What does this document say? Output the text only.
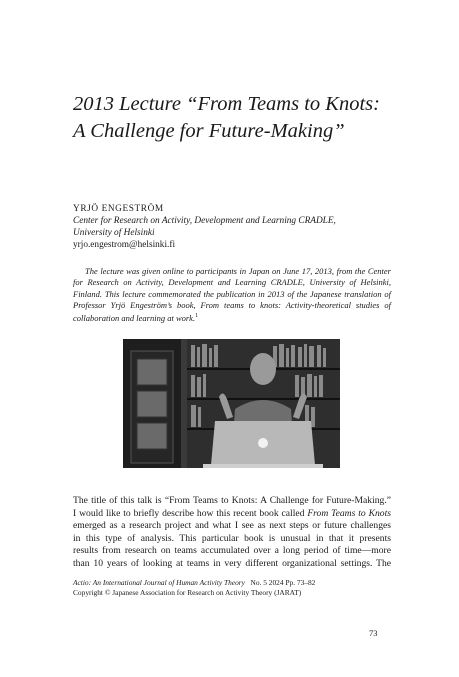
2013 Lecture “From Teams to Knots:
A Challenge for Future-Making”
YRJÖ ENGESTRÖM
Center for Research on Activity, Development and Learning CRADLE,
University of Helsinki
yrjo.engestrom@helsinki.fi

The lecture was given online to participants in Japan on June 17, 2013, from the Center for Research on Activity, Development and Learning CRADLE, University of Helsinki, Finland. This lecture commemorated the publication in 2013 of the Japanese translation of Professor Yrjö Engeström’s book, From teams to knots: Activity-theoretical studies of collaboration and learning at work.$^1$

The title of this talk is “From Teams to Knots: A Challenge for Future-Making.”
I would like to briefly describe how this recent book called From Teams to Knots
emerged as a research project and what I see as next steps or future challenges
in this type of analysis. This particular book is unusual in that it presents
results from research on teams accumulated over a long period of time—more
than 10 years of looking at teams in very different organizational settings. The
Actio: An International Journal of Human Activity Theory No. 5 2024 Pp. 73–82
Copyright © Japanese Association for Research on Activity Theory (JARAT)
73
